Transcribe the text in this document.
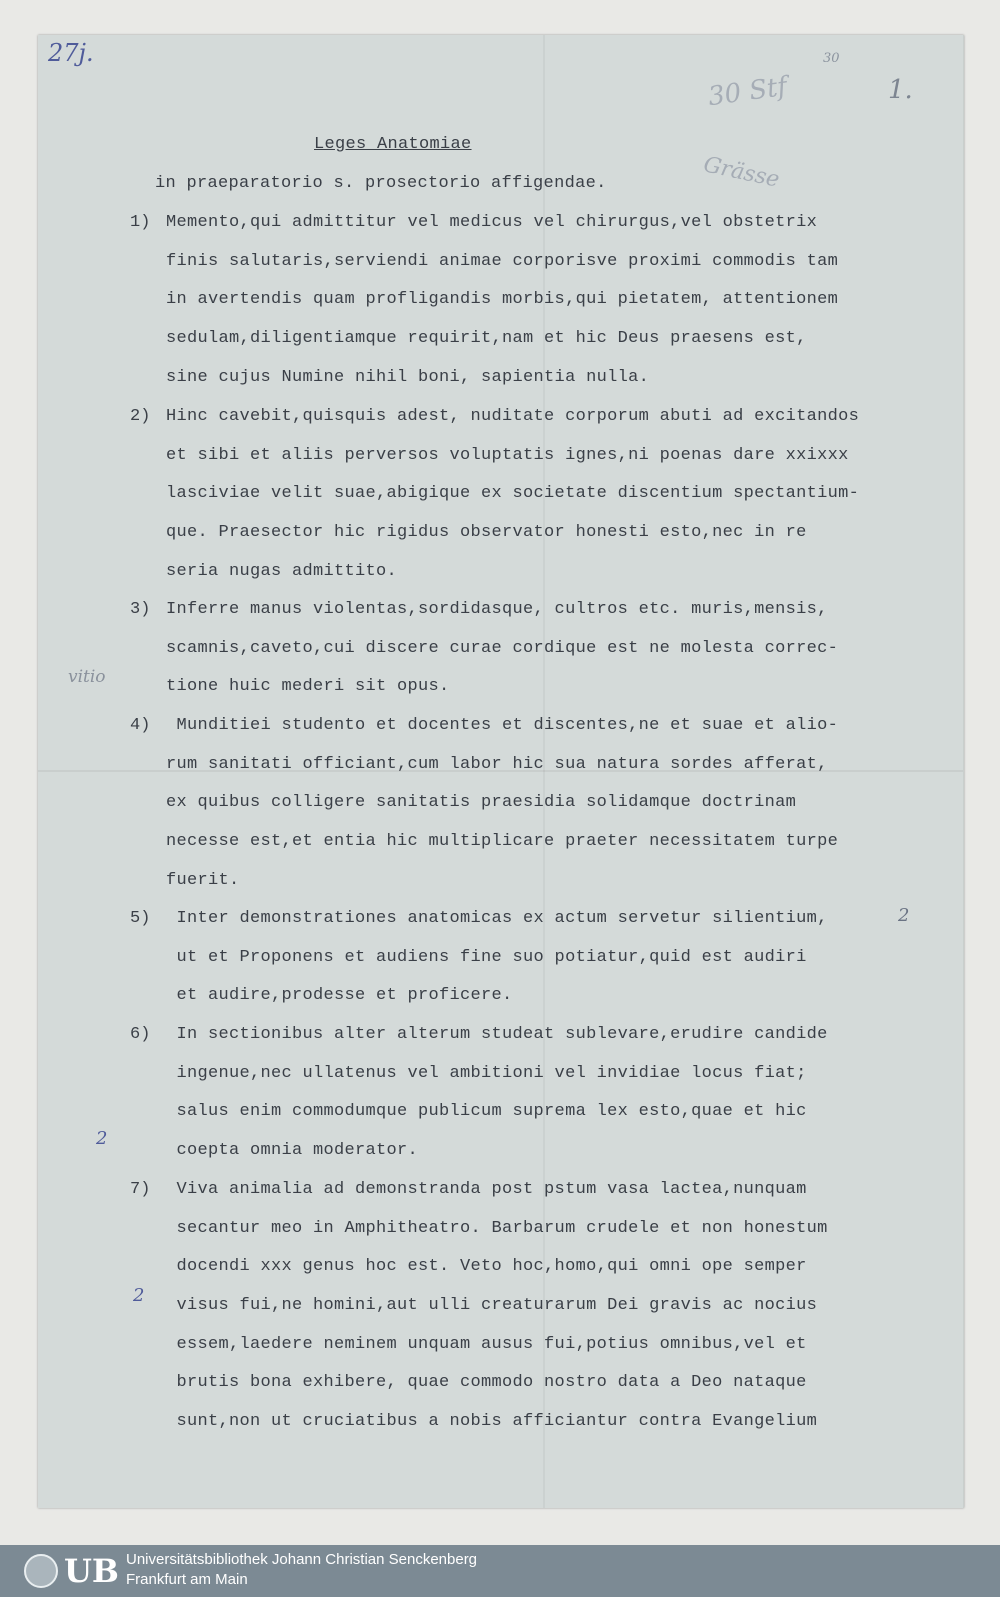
27j.	30
30 Stf	1.
Grässe
vitio
2
2
2
Leges Anatomiae
in praeparatorio s. prosectorio affigendae.
1) Memento,qui admittitur vel medicus vel chirurgus,vel obstetrix
finis salutaris,serviendi animae corporisve proximi commodis tam
in avertendis quam profligandis morbis,qui pietatem, attentionem
sedulam,diligentiamque requirit,nam et hic Deus praesens est,
sine cujus Numine nihil boni, sapientia nulla.
2) Hinc cavebit,quisquis adest, nuditate corporum abuti ad excitandos
et sibi et aliis perversos voluptatis ignes,ni poenas dare xxixxx
lasciviae velit suae,abigique ex societate discentium spectantium-
que. Praesector hic rigidus observator honesti esto,nec in re
seria nugas admittito.
3) Inferre manus violentas,sordidasque, cultros etc. muris,mensis,
scamnis,caveto,cui discere curae cordique est ne molesta correc-
tione huic mederi sit opus.
4) Munditiei studento et docentes et discentes,ne et suae et alio-
rum sanitati officiant,cum labor hic sua natura sordes afferat,
ex quibus colligere sanitatis praesidia solidamque doctrinam
necesse est,et entia hic multiplicare praeter necessitatem turpe
fuerit.
5) Inter demonstrationes anatomicas ex actum servetur silientium,
ut et Proponens et audiens fine suo potiatur,quid est audiri
et audire,prodesse et proficere.
6) In sectionibus alter alterum studeat sublevare,erudire candide
ingenue,nec ullatenus vel ambitioni vel invidiae locus fiat;
salus enim commodumque publicum suprema lex esto,quae et hic
coepta omnia moderator.
7) Viva animalia ad demonstranda post pstum vasa lactea,nunquam
secantur meo in Amphitheatro. Barbarum crudele et non honestum
docendi xxx genus hoc est. Veto hoc,homo,qui omni ope semper
visus fui,ne homini,aut ulli creaturarum Dei gravis ac nocius
essem,laedere neminem unquam ausus fui,potius omnibus,vel et
brutis bona exhibere, quae commodo nostro data a Deo nataque
sunt,non ut cruciatibus a nobis afficiantur contra Evangelium
UB Universitätsbibliothek Johann Christian Senckenberg
Frankfurt am Main
